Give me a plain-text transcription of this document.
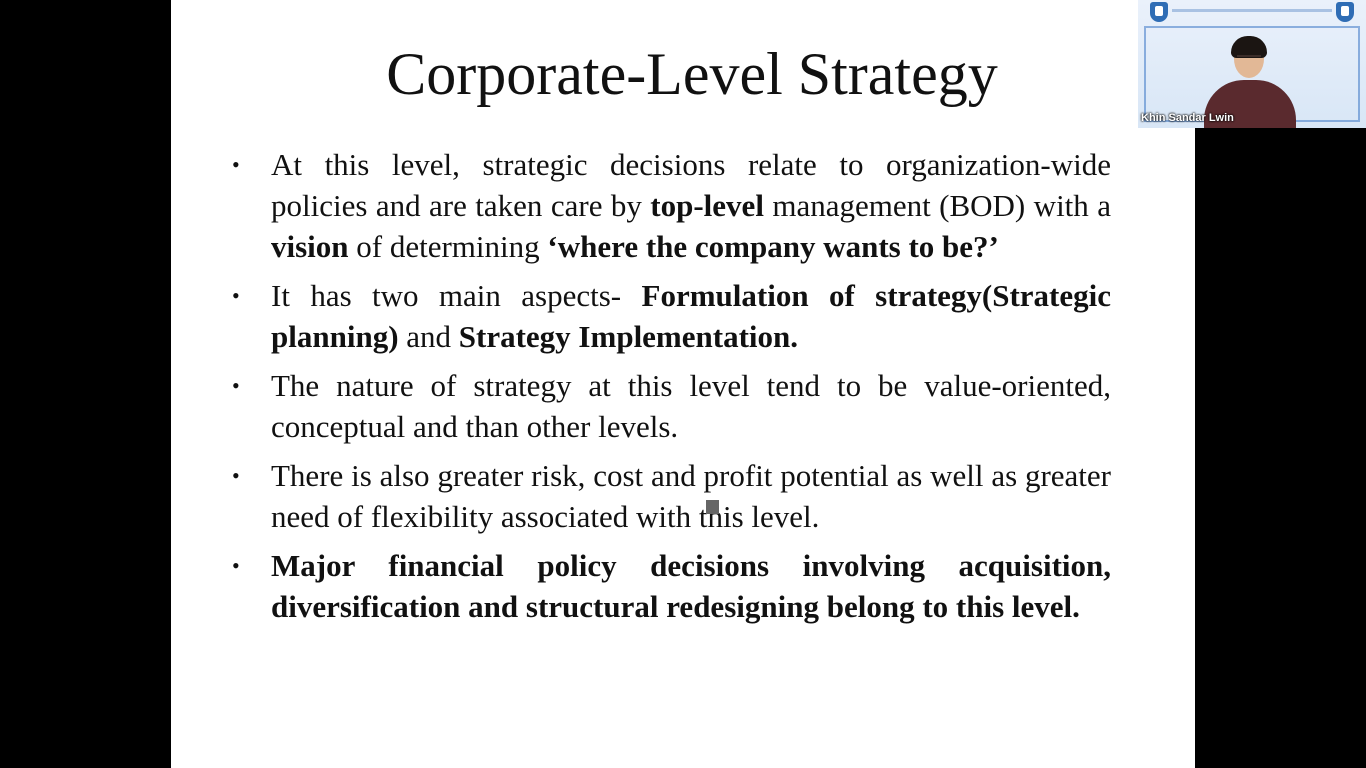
Corporate-Level Strategy
• At this level, strategic decisions relate to organization-wide policies and are taken care by top-level management (BOD) with a vision of determining ‘where the company wants to be?’
• It has two main aspects- Formulation of strategy(Strategic planning) and Strategy Implementation.
• The nature of strategy at this level tend to be value-oriented, conceptual and than other levels.
• There is also greater risk, cost and profit potential as well as greater need of flexibility associated with this level.
• Major financial policy decisions involving acquisition, diversification and structural redesigning belong to this level.
Khin Sandar Lwin
